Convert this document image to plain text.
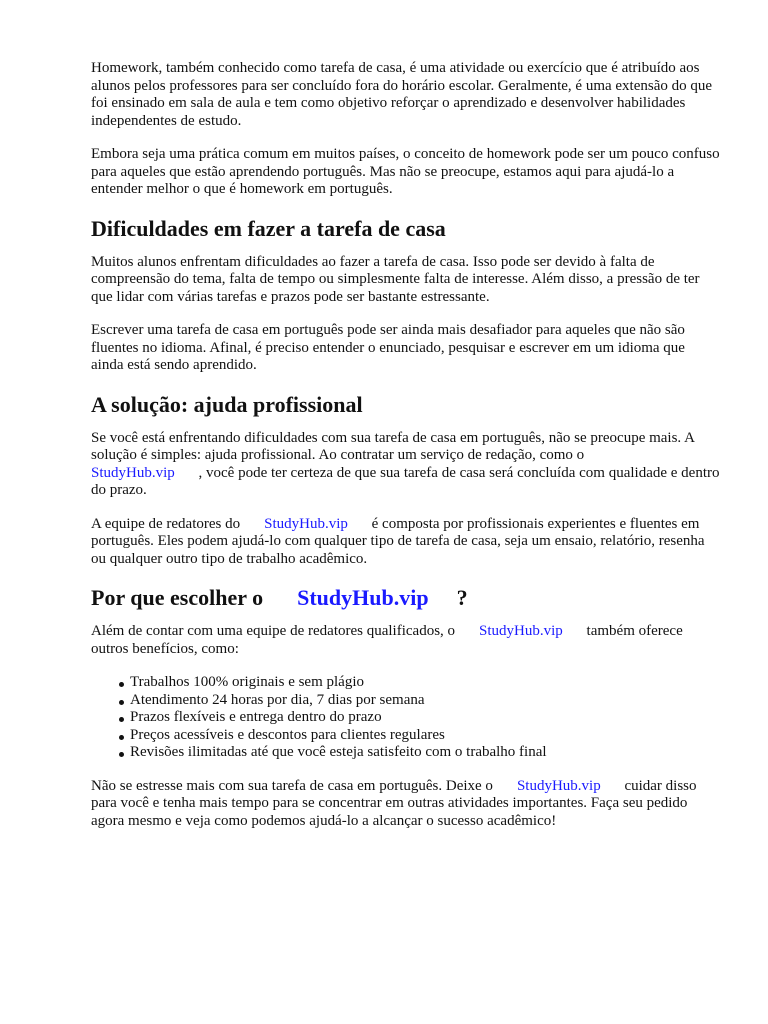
Homework, também conhecido como tarefa de casa, é uma atividade ou exercício que é atribuído aos alunos pelos professores para ser concluído fora do horário escolar. Geralmente, é uma extensão do que foi ensinado em sala de aula e tem como objetivo reforçar o aprendizado e desenvolver habilidades independentes de estudo.

Embora seja uma prática comum em muitos países, o conceito de homework pode ser um pouco confuso para aqueles que estão aprendendo português. Mas não se preocupe, estamos aqui para ajudá-lo a entender melhor o que é homework em português.

Dificuldades em fazer a tarefa de casa

Muitos alunos enfrentam dificuldades ao fazer a tarefa de casa. Isso pode ser devido à falta de compreensão do tema, falta de tempo ou simplesmente falta de interesse. Além disso, a pressão de ter que lidar com várias tarefas e prazos pode ser bastante estressante.

Escrever uma tarefa de casa em português pode ser ainda mais desafiador para aqueles que não são fluentes no idioma. Afinal, é preciso entender o enunciado, pesquisar e escrever em um idioma que ainda está sendo aprendido.

A solução: ajuda profissional

Se você está enfrentando dificuldades com sua tarefa de casa em português, não se preocupe mais. A solução é simples: ajuda profissional. Ao contratar um serviço de redação, como o
StudyHub.vip , você pode ter certeza de que sua tarefa de casa será concluída com qualidade e dentro do prazo.

A equipe de redatores do StudyHub.vip é composta por profissionais experientes e fluentes em português. Eles podem ajudá-lo com qualquer tipo de tarefa de casa, seja um ensaio, relatório, resenha ou qualquer outro tipo de trabalho acadêmico.

Por que escolher o StudyHub.vip ?

Além de contar com uma equipe de redatores qualificados, o StudyHub.vip também oferece outros benefícios, como:

Trabalhos 100% originais e sem plágio
Atendimento 24 horas por dia, 7 dias por semana
Prazos flexíveis e entrega dentro do prazo
Preços acessíveis e descontos para clientes regulares
Revisões ilimitadas até que você esteja satisfeito com o trabalho final

Não se estresse mais com sua tarefa de casa em português. Deixe o StudyHub.vip cuidar disso para você e tenha mais tempo para se concentrar em outras atividades importantes. Faça seu pedido agora mesmo e veja como podemos ajudá-lo a alcançar o sucesso acadêmico!
